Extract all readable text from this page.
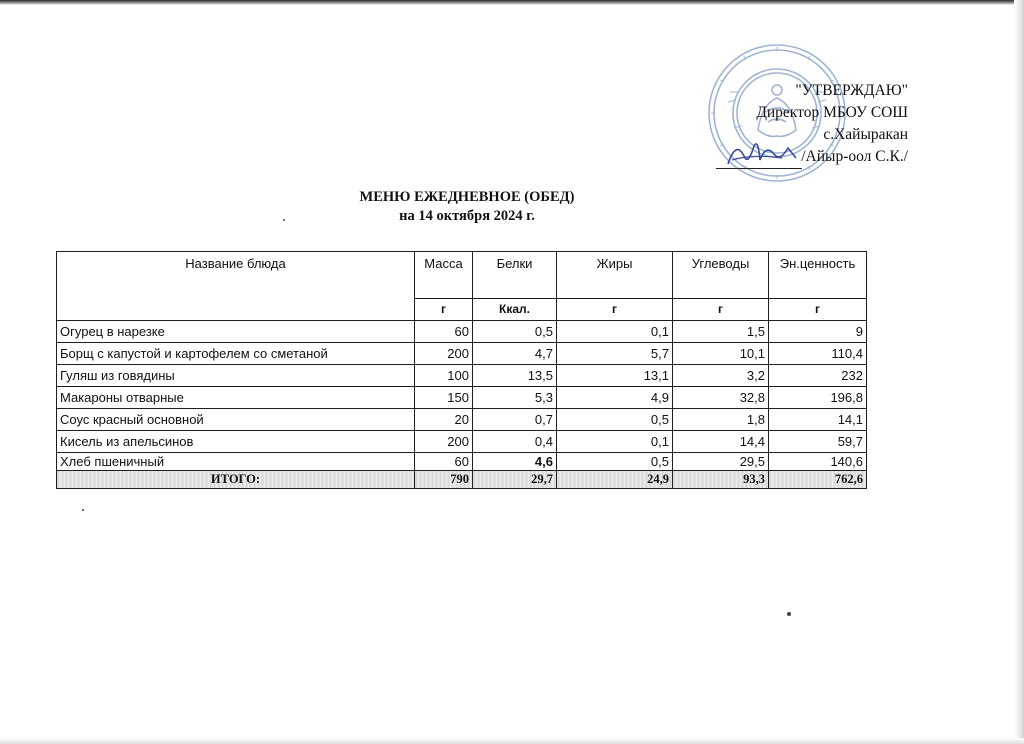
"УТВЕРЖДАЮ"
Директор МБОУ СОШ
с.Хайыракан
/Айыр-оол С.К./
МЕНЮ ЕЖЕДНЕВНОЕ (ОБЕД)
на 14 октября 2024 г.
Название блюда	Масса	Белки	Жиры	Углеводы	Эн.ценность
	г	Ккал.	г	г	г
Огурец в нарезке	60	0,5	0,1	1,5	9
Борщ с капустой и картофелем со сметаной	200	4,7	5,7	10,1	110,4
Гуляш из говядины	100	13,5	13,1	3,2	232
Макароны отварные	150	5,3	4,9	32,8	196,8
Соус красный основной	20	0,7	0,5	1,8	14,1
Кисель из апельсинов	200	0,4	0,1	14,4	59,7
Хлеб пшеничный	60	4,6	0,5	29,5	140,6
ИТОГО:	790	29,7	24,9	93,3	762,6
